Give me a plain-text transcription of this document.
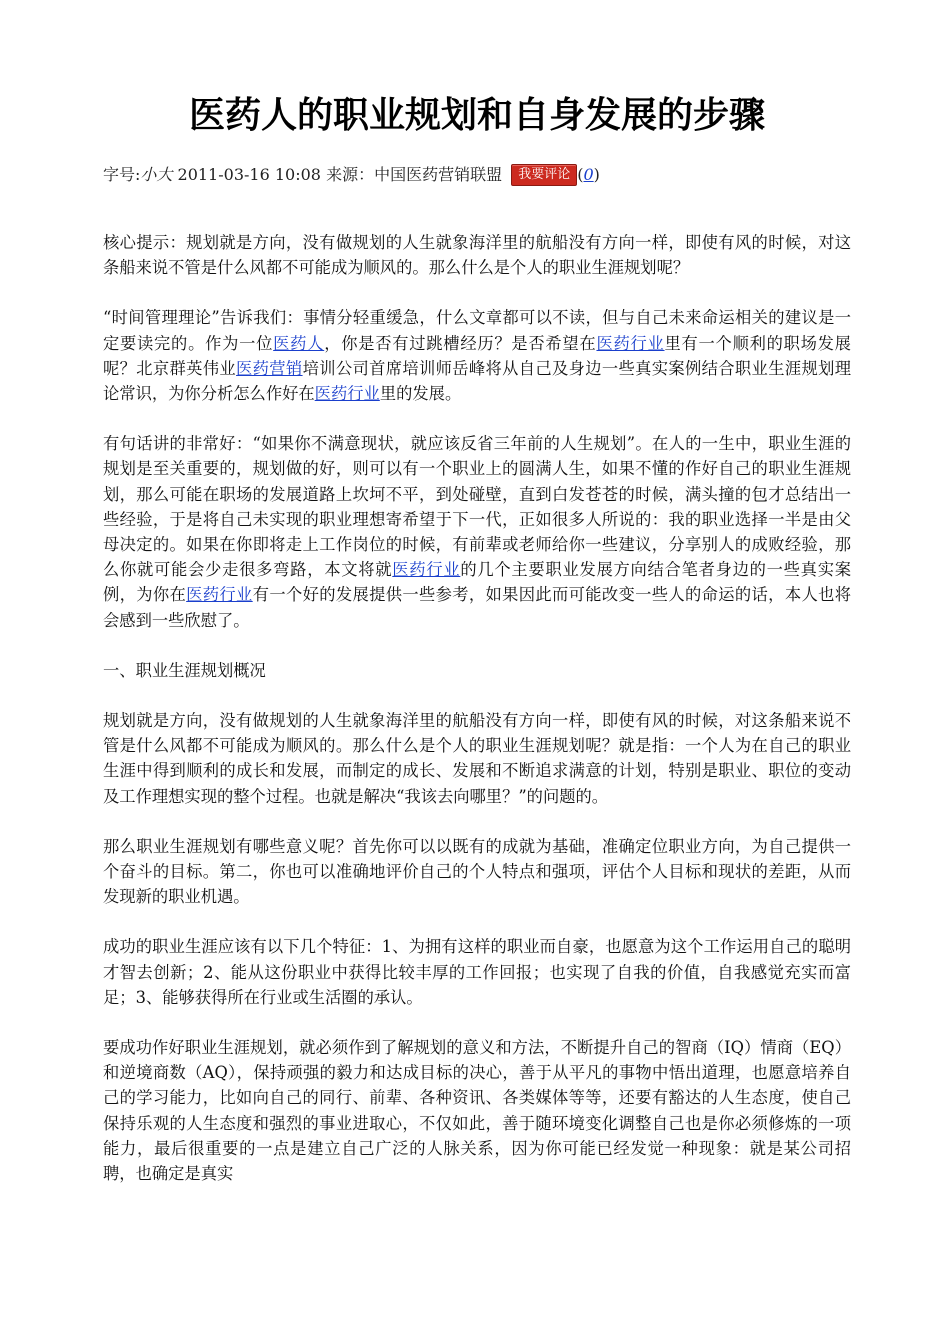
医药人的职业规划和自身发展的步骤
字号:小大 2011-03-16 10:08 来源：中国医药营销联盟 我要评论 (0)

核心提示：规划就是方向，没有做规划的人生就象海洋里的航船没有方向一样，即使有风的时候，对这条船来说不管是什么风都不可能成为顺风的。那么什么是个人的职业生涯规划呢？

“时间管理理论”告诉我们：事情分轻重缓急，什么文章都可以不读，但与自己未来命运相关的建议是一定要读完的。作为一位医药人，你是否有过跳槽经历？是否希望在医药行业里有一个顺利的职场发展呢？北京群英伟业医药营销培训公司首席培训师岳峰将从自己及身边一些真实案例结合职业生涯规划理论常识，为你分析怎么作好在医药行业里的发展。

有句话讲的非常好：“如果你不满意现状，就应该反省三年前的人生规划”。在人的一生中，职业生涯的规划是至关重要的，规划做的好，则可以有一个职业上的圆满人生，如果不懂的作好自己的职业生涯规划，那么可能在职场的发展道路上坎坷不平，到处碰壁，直到白发苍苍的时候，满头撞的包才总结出一些经验，于是将自己未实现的职业理想寄希望于下一代，正如很多人所说的：我的职业选择一半是由父母决定的。如果在你即将走上工作岗位的时候，有前辈或老师给你一些建议，分享别人的成败经验，那么你就可能会少走很多弯路，本文将就医药行业的几个主要职业发展方向结合笔者身边的一些真实案例，为你在医药行业有一个好的发展提供一些参考，如果因此而可能改变一些人的命运的话，本人也将会感到一些欣慰了。

一、职业生涯规划概况

规划就是方向，没有做规划的人生就象海洋里的航船没有方向一样，即使有风的时候，对这条船来说不管是什么风都不可能成为顺风的。那么什么是个人的职业生涯规划呢？就是指：一个人为在自己的职业生涯中得到顺利的成长和发展，而制定的成长、发展和不断追求满意的计划，特别是职业、职位的变动及工作理想实现的整个过程。也就是解决“我该去向哪里？”的问题的。

那么职业生涯规划有哪些意义呢？首先你可以以既有的成就为基础，准确定位职业方向，为自己提供一个奋斗的目标。第二，你也可以准确地评价自己的个人特点和强项，评估个人目标和现状的差距，从而发现新的职业机遇。

成功的职业生涯应该有以下几个特征：1、为拥有这样的职业而自豪，也愿意为这个工作运用自己的聪明才智去创新；2、能从这份职业中获得比较丰厚的工作回报；也实现了自我的价值，自我感觉充实而富足；3、能够获得所在行业或生活圈的承认。

要成功作好职业生涯规划，就必须作到了解规划的意义和方法，不断提升自己的智商（IQ）情商（EQ）和逆境商数（AQ），保持顽强的毅力和达成目标的决心，善于从平凡的事物中悟出道理，也愿意培养自己的学习能力，比如向自己的同行、前辈、各种资讯、各类媒体等等，还要有豁达的人生态度，使自己保持乐观的人生态度和强烈的事业进取心，不仅如此，善于随环境变化调整自己也是你必须修炼的一项能力，最后很重要的一点是建立自己广泛的人脉关系，因为你可能已经发觉一种现象：就是某公司招聘，也确定是真实
